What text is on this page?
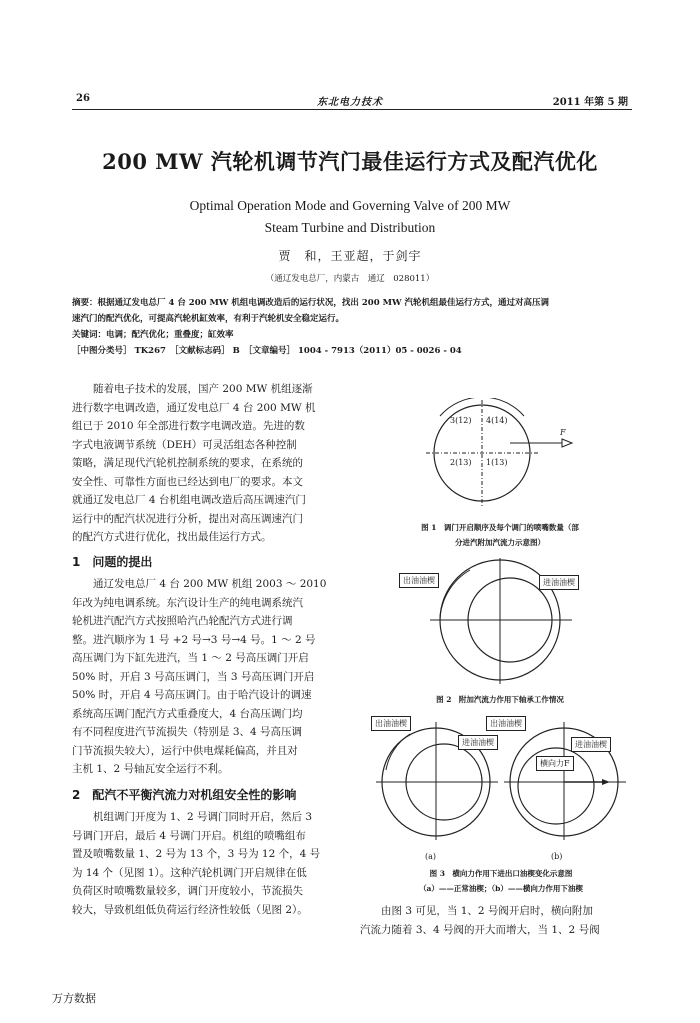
26	东北电力技术	2011 年第 5 期
200 MW 汽轮机调节汽门最佳运行方式及配汽优化
Optimal Operation Mode and Governing Valve of 200 MW
Steam Turbine and Distribution
贾　和，王亚超，于剑宇
（通辽发电总厂，内蒙古　通辽　028011）
摘要：根据通辽发电总厂 4 台 200 MW 机组电调改造后的运行状况，找出 200 MW 汽轮机组最佳运行方式，通过对高压调
速汽门的配汽优化，可提高汽轮机缸效率，有利于汽轮机安全稳定运行。
关键词：电调；配汽优化；重叠度；缸效率
［中图分类号］ TK267　［文献标志码］ B　［文章编号］ 1004 - 7913（2011）05 - 0026 - 04
随着电子技术的发展，国产 200 MW 机组逐渐
进行数字电调改造，通辽发电总厂 4 台 200 MW 机
组已于 2010 年全部进行数字电调改造。先进的数
字式电液调节系统（DEH）可灵活组态各种控制
策略，满足现代汽轮机控制系统的要求，在系统的
安全性、可靠性方面也已经达到电厂的要求。本文
就通辽发电总厂 4 台机组电调改造后高压调速汽门
运行中的配汽状况进行分析，提出对高压调速汽门
的配汽方式进行优化，找出最佳运行方式。
1　问题的提出
通辽发电总厂 4 台 200 MW 机组 2003 ～ 2010
年改为纯电调系统。东汽设计生产的纯电调系统汽
轮机进汽配汽方式按照哈汽凸轮配汽方式进行调
整。进汽顺序为 1 号 +2 号→3 号→4 号。1 ～ 2 号
高压调门为下缸先进汽，当 1 ～ 2 号高压调门开启
50% 时，开启 3 号高压调门，当 3 号高压调门开启
50% 时，开启 4 号高压调门。由于哈汽设计的调速
系统高压调门配汽方式重叠度大，4 台高压调门均
有不同程度进汽节流损失（特别是 3、4 号高压调
门节流损失较大），运行中供电煤耗偏高，并且对
主机 1、2 号轴瓦安全运行不利。
2　配汽不平衡汽流力对机组安全性的影响
机组调门开度为 1、2 号调门同时开启，然后 3
号调门开启，最后 4 号调门开启。机组的喷嘴组布
置及喷嘴数量 1、2 号为 13 个，3 号为 12 个，4 号
为 14 个（见图 1）。这种汽轮机调门开启规律在低
负荷区时喷嘴数量较多，调门开度较小，节流损失
较大，导致机组低负荷运行经济性较低（见图 2）。
3(12) 4(14)
2(13) 1(13)
F
图 1　调门开启顺序及每个调门的喷嘴数量（部
分进汽附加汽流力示意图）
出油油楔	进油油楔
图 2　附加汽流力作用下轴承工作情况
出油油楔
进油油楔
出油油楔
进油油楔
横向力F
(a)	(b)
图 3　横向力作用下进出口油楔变化示意图
（a）——正常油楔；（b）——横向力作用下油楔
由图 3 可见，当 1、2 号阀开启时，横向附加
汽流力随着 3、4 号阀的开大而增大，当 1、2 号阀
万方数据
